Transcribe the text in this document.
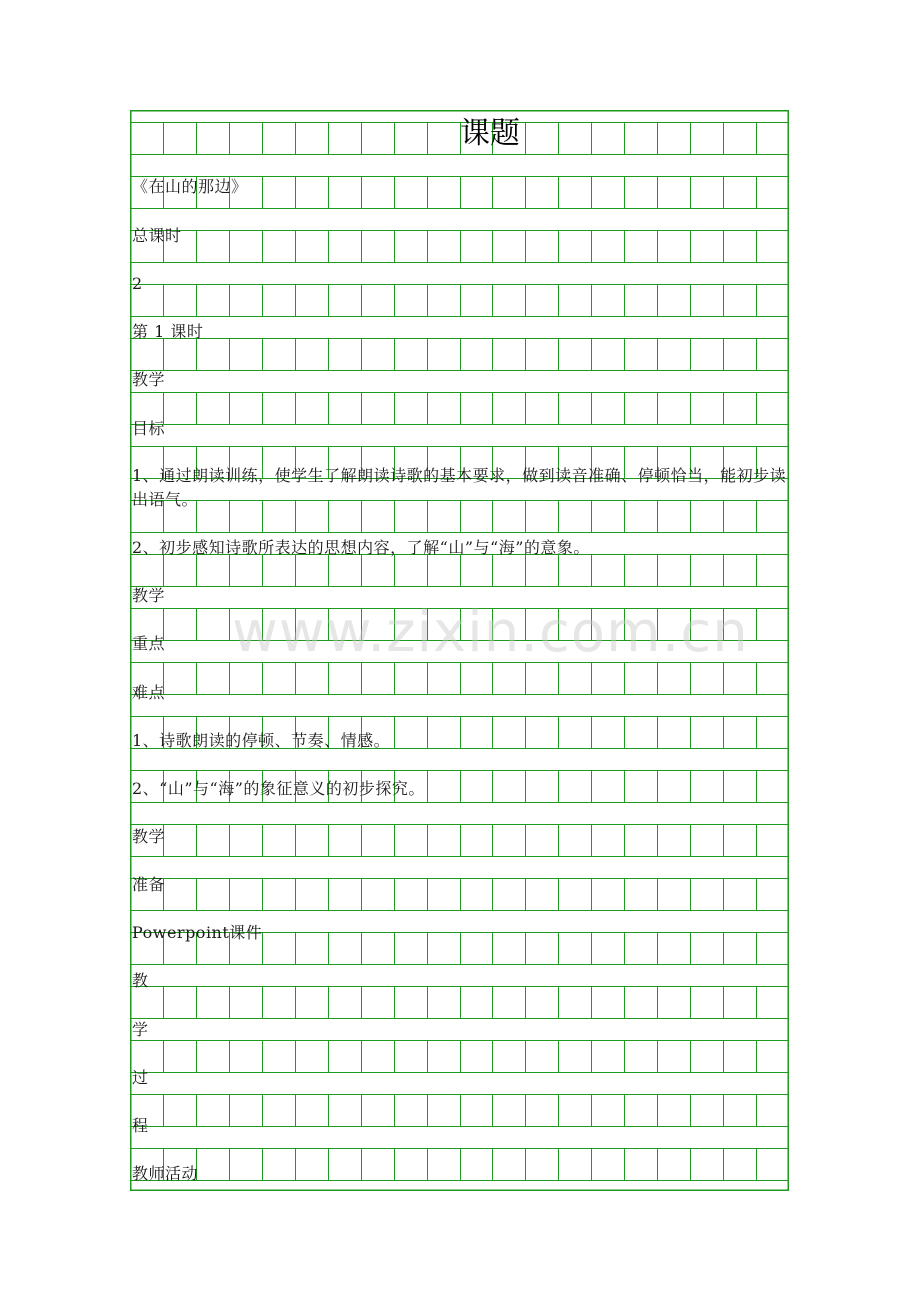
课题
《在山的那边》
总课时
2
第 1 课时
教学
目标
1、通过朗读训练，使学生了解朗读诗歌的基本要求，做到读音准确、停顿恰当，能初步读出语气。
2、初步感知诗歌所表达的思想内容，了解“山”与“海”的意象。
教学
重点
难点
1、诗歌朗读的停顿、节奏、情感。
2、“山”与“海”的象征意义的初步探究。
教学
准备
Powerpoint课件
教
学
过
程
教师活动
www.zixin.com.cn
